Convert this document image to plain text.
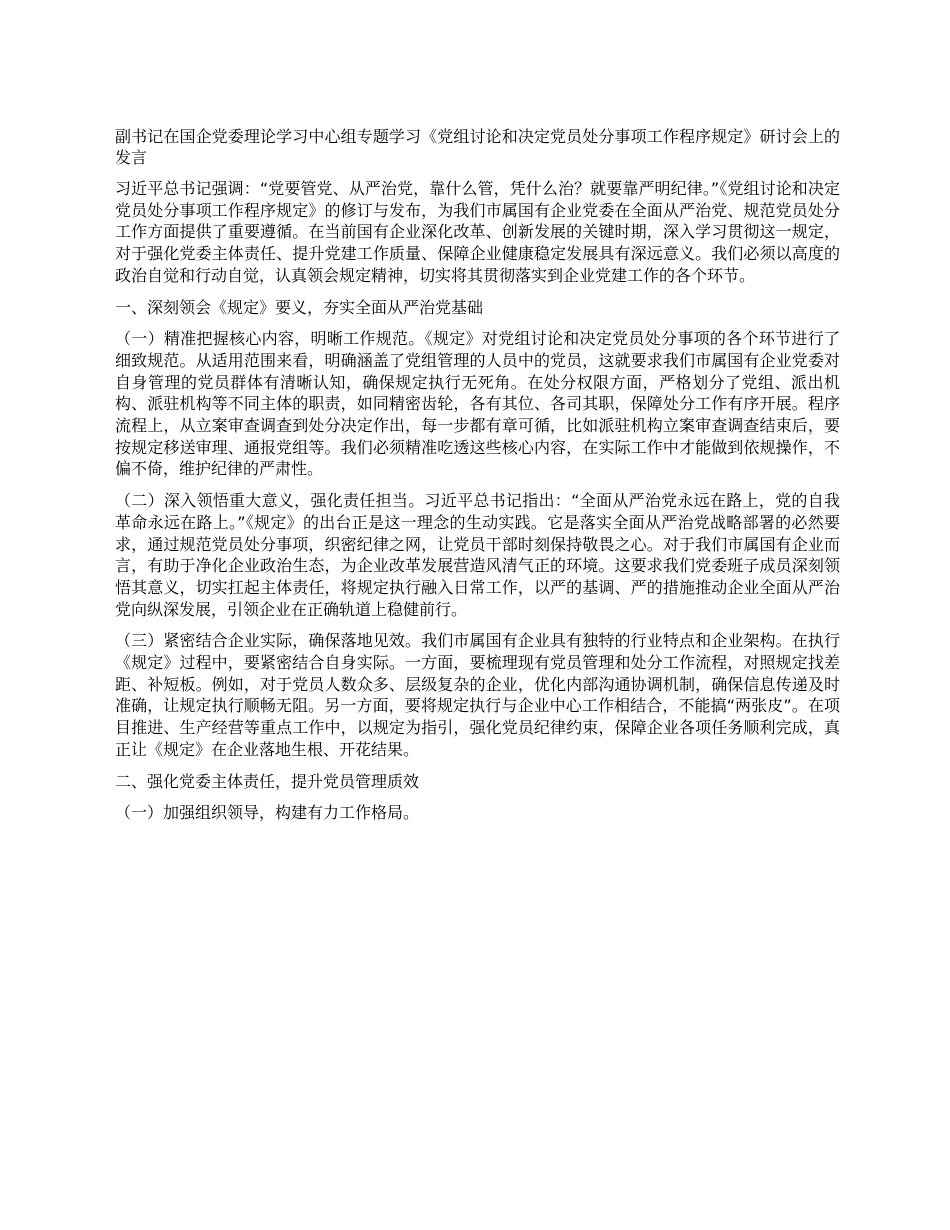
副书记在国企党委理论学习中心组专题学习《党组讨论和决定党员处分事项工作程序规定》研讨会上的发言

习近平总书记强调：“党要管党、从严治党，靠什么管，凭什么治？就要靠严明纪律。”《党组讨论和决定党员处分事项工作程序规定》的修订与发布，为我们市属国有企业党委在全面从严治党、规范党员处分工作方面提供了重要遵循。在当前国有企业深化改革、创新发展的关键时期，深入学习贯彻这一规定，对于强化党委主体责任、提升党建工作质量、保障企业健康稳定发展具有深远意义。我们必须以高度的政治自觉和行动自觉，认真领会规定精神，切实将其贯彻落实到企业党建工作的各个环节。

一、深刻领会《规定》要义，夯实全面从严治党基础

（一）精准把握核心内容，明晰工作规范。《规定》对党组讨论和决定党员处分事项的各个环节进行了细致规范。从适用范围来看，明确涵盖了党组管理的人员中的党员，这就要求我们市属国有企业党委对自身管理的党员群体有清晰认知，确保规定执行无死角。在处分权限方面，严格划分了党组、派出机构、派驻机构等不同主体的职责，如同精密齿轮，各有其位、各司其职，保障处分工作有序开展。程序流程上，从立案审查调查到处分决定作出，每一步都有章可循，比如派驻机构立案审查调查结束后，要按规定移送审理、通报党组等。我们必须精准吃透这些核心内容，在实际工作中才能做到依规操作，不偏不倚，维护纪律的严肃性。

（二）深入领悟重大意义，强化责任担当。习近平总书记指出：“全面从严治党永远在路上，党的自我革命永远在路上。”《规定》的出台正是这一理念的生动实践。它是落实全面从严治党战略部署的必然要求，通过规范党员处分事项，织密纪律之网，让党员干部时刻保持敬畏之心。对于我们市属国有企业而言，有助于净化企业政治生态，为企业改革发展营造风清气正的环境。这要求我们党委班子成员深刻领悟其意义，切实扛起主体责任，将规定执行融入日常工作，以严的基调、严的措施推动企业全面从严治党向纵深发展，引领企业在正确轨道上稳健前行。

（三）紧密结合企业实际，确保落地见效。我们市属国有企业具有独特的行业特点和企业架构。在执行《规定》过程中，要紧密结合自身实际。一方面，要梳理现有党员管理和处分工作流程，对照规定找差距、补短板。例如，对于党员人数众多、层级复杂的企业，优化内部沟通协调机制，确保信息传递及时准确，让规定执行顺畅无阻。另一方面，要将规定执行与企业中心工作相结合，不能搞“两张皮”。在项目推进、生产经营等重点工作中，以规定为指引，强化党员纪律约束，保障企业各项任务顺利完成，真正让《规定》在企业落地生根、开花结果。

二、强化党委主体责任，提升党员管理质效

（一）加强组织领导，构建有力工作格局。
